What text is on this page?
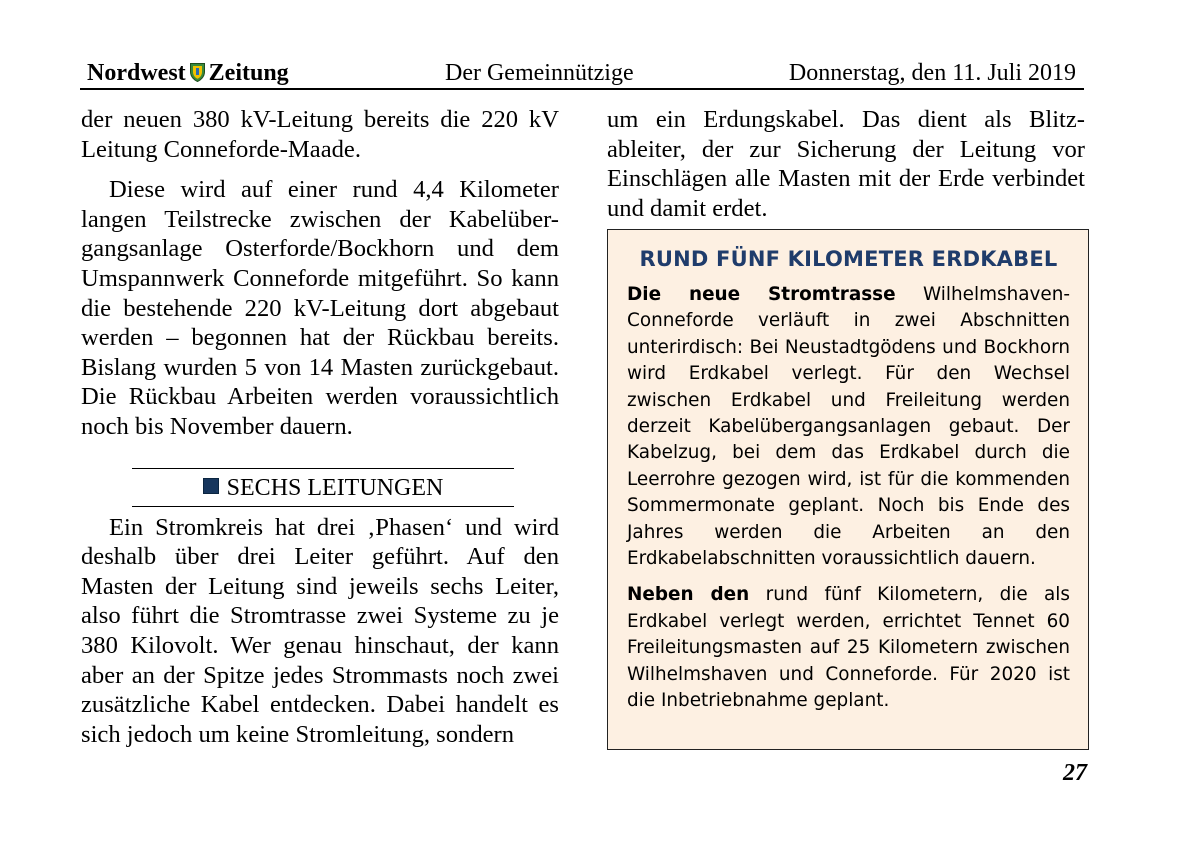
Nordwest Zeitung	Der Gemeinnützige	Donnerstag, den 11. Juli 2019

der neuen 380 kV-Leitung bereits die 220 kV Leitung Conneforde-Maade.

Diese wird auf einer rund 4,4 Kilometer langen Teilstrecke zwischen der Kabelüber-gangsanlage Osterforde/Bockhorn und dem Umspannwerk Conneforde mitgeführt. So kann die bestehende 220 kV-Leitung dort abgebaut werden – begonnen hat der Rückbau bereits. Bislang wurden 5 von 14 Masten zurückgebaut. Die Rückbau Arbeiten werden voraussichtlich noch bis November dauern.

SECHS LEITUNGEN

Ein Stromkreis hat drei ‚Phasen‘ und wird deshalb über drei Leiter geführt. Auf den Masten der Leitung sind jeweils sechs Leiter, also führt die Stromtrasse zwei Systeme zu je 380 Kilovolt. Wer genau hinschaut, der kann aber an der Spitze jedes Strommasts noch zwei zusätzliche Kabel entdecken. Dabei handelt es sich jedoch um keine Stromleitung, sondern

um ein Erdungskabel. Das dient als Blitz-ableiter, der zur Sicherung der Leitung vor Einschlägen alle Masten mit der Erde verbindet und damit erdet.

RUND FÜNF KILOMETER ERDKABEL

Die neue Stromtrasse Wilhelmshaven-Conneforde verläuft in zwei Abschnitten unterirdisch: Bei Neustadtgödens und Bockhorn wird Erdkabel verlegt. Für den Wechsel zwischen Erdkabel und Freileitung werden derzeit Kabelübergangsanlagen gebaut. Der Kabelzug, bei dem das Erdkabel durch die Leerrohre gezogen wird, ist für die kommenden Sommermonate geplant. Noch bis Ende des Jahres werden die Arbeiten an den Erdkabelabschnitten voraussichtlich dauern.

Neben den rund fünf Kilometern, die als Erdkabel verlegt werden, errichtet Tennet 60 Freileitungsmasten auf 25 Kilometern zwischen Wilhelmshaven und Conneforde. Für 2020 ist die Inbetriebnahme geplant.

27
